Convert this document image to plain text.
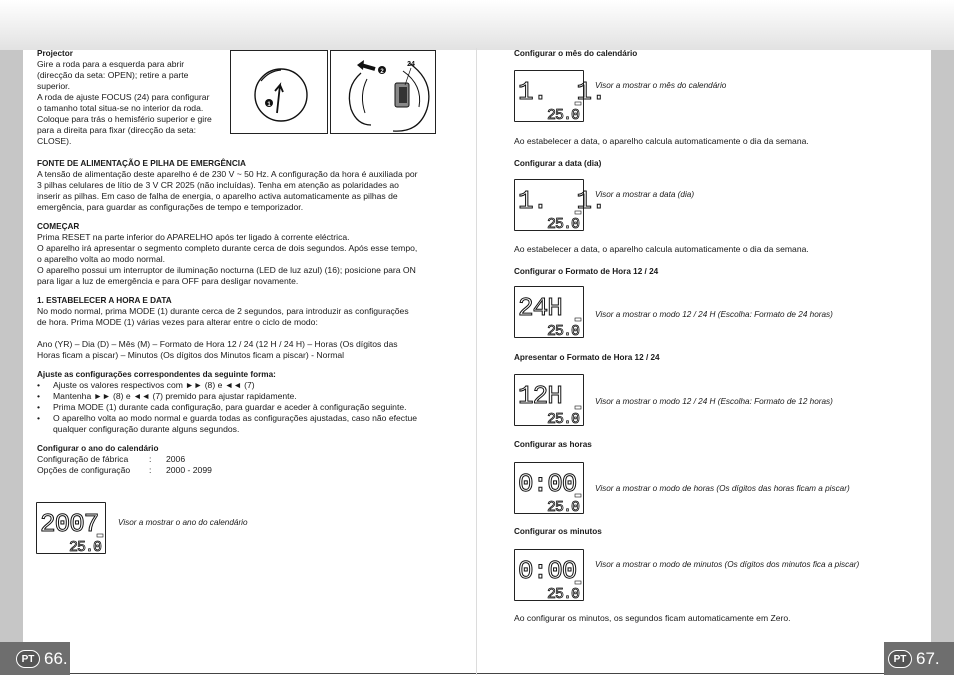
PT 66.	PT 67.

Projector

Gire a roda para a esquerda para abrir

(direcção da seta: OPEN); retire a parte

superior.

A roda de ajuste FOCUS (24) para configurar

o tamanho total situa-se no interior da roda.

Coloque para trás o hemisfério superior e gire

para a direita para fixar (direcção da seta:

CLOSE).

1
2
24

FONTE DE ALIMENTAÇÃO E PILHA DE EMERGÊNCIA

A tensão de alimentação deste aparelho é de 230 V ~ 50 Hz. A configuração da hora é auxiliada por

3 pilhas celulares de lítio de 3 V CR 2025 (não incluídas). Tenha em atenção as polaridades ao

inserir as pilhas. Em caso de falha de energia, o aparelho activa automaticamente as pilhas de

emergência, para guardar as configurações de tempo e temporizador.

COMEÇAR

Prima RESET na parte inferior do APARELHO após ter ligado à corrente eléctrica.

O aparelho irá apresentar o segmento completo durante cerca de dois segundos. Após esse tempo,

o aparelho volta ao modo normal.

O aparelho possui um interruptor de iluminação nocturna (LED de luz azul) (16); posicione para ON

para ligar a luz de emergência e para OFF para desligar novamente.

1. ESTABELECER A HORA E DATA

No modo normal, prima MODE (1) durante cerca de 2 segundos, para introduzir as configurações

de hora. Prima MODE (1) várias vezes para alterar entre o ciclo de modo:

Ano (YR) – Dia (D) – Mês (M) – Formato de Hora 12 / 24 (12 H / 24 H) – Horas (Os dígitos das

Horas ficam a piscar) – Minutos (Os dígitos dos Minutos ficam a piscar) - Normal

Ajuste as configurações correspondentes da seguinte forma:

• Ajuste os valores respectivos com ►► (8) e ◄◄ (7)
• Mantenha ►► (8) e ◄◄ (7) premido para ajustar rapidamente.
• Prima MODE (1) durante cada configuração, para guardar e aceder à configuração seguinte.
• O aparelho volta ao modo normal e guarda todas as configurações ajustadas, caso não efectue

qualquer configuração durante alguns segundos.

Configurar o ano do calendário

Configuração de fábrica	:	2006
Opções de configuração	:	2000 - 2099
2007
25.0
Visor a mostrar o ano do calendário

Configurar o mês do calendário

1.  1.
25.0
Visor a mostrar o mês do calendário

Ao estabelecer a data, o aparelho calcula automaticamente o dia da semana.

Configurar a data (dia)

1.  1.
25.0
Visor a mostrar a data (dia)

Ao estabelecer a data, o aparelho calcula automaticamente o dia da semana.

Configurar o Formato de Hora 12 / 24

24H
25.0
Visor a mostrar o modo 12 / 24 H (Escolha: Formato de 24 horas)

Apresentar o Formato de Hora 12 / 24

12H
25.0
Visor a mostrar o modo 12 / 24 H (Escolha: Formato de 12 horas)

Configurar as horas

0:00
25.0
Visor a mostrar o modo de horas (Os dígitos das horas ficam a piscar)

Configurar os minutos

0:00
25.0
Visor a mostrar o modo de minutos (Os dígitos dos minutos fica a piscar)

Ao configurar os minutos, os segundos ficam automaticamente em Zero.
